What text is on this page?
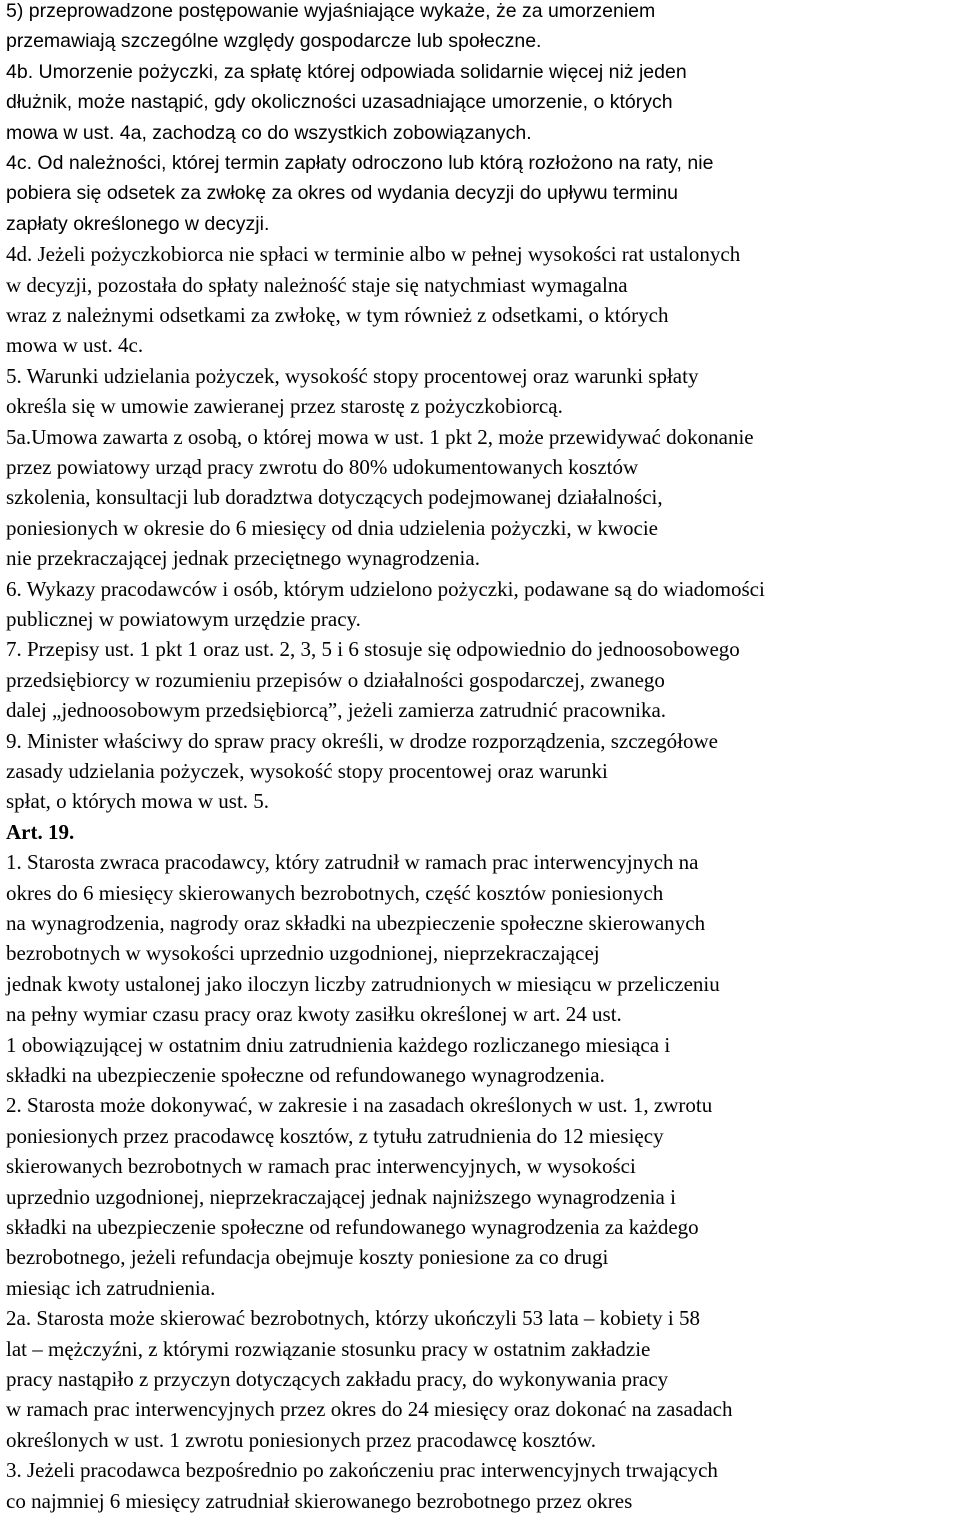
5) przeprowadzone postępowanie wyjaśniające wykaże, że za umorzeniem
przemawiają szczególne względy gospodarcze lub społeczne.
4b. Umorzenie pożyczki, za spłatę której odpowiada solidarnie więcej niż jeden
dłużnik, może nastąpić, gdy okoliczności uzasadniające umorzenie, o których
mowa w ust. 4a, zachodzą co do wszystkich zobowiązanych.
4c. Od należności, której termin zapłaty odroczono lub którą rozłożono na raty, nie
pobiera się odsetek za zwłokę za okres od wydania decyzji do upływu terminu
zapłaty określonego w decyzji.
4d. Jeżeli pożyczkobiorca nie spłaci w terminie albo w pełnej wysokości rat ustalonych
w decyzji, pozostała do spłaty należność staje się natychmiast wymagalna
wraz z należnymi odsetkami za zwłokę, w tym również z odsetkami, o których
mowa w ust. 4c.
5. Warunki udzielania pożyczek, wysokość stopy procentowej oraz warunki spłaty
określa się w umowie zawieranej przez starostę z pożyczkobiorcą.
5a.Umowa zawarta z osobą, o której mowa w ust. 1 pkt 2, może przewidywać dokonanie
przez powiatowy urząd pracy zwrotu do 80% udokumentowanych kosztów
szkolenia, konsultacji lub doradztwa dotyczących podejmowanej działalności,
poniesionych w okresie do 6 miesięcy od dnia udzielenia pożyczki, w kwocie
nie przekraczającej jednak przeciętnego wynagrodzenia.
6. Wykazy pracodawców i osób, którym udzielono pożyczki, podawane są do wiadomości
publicznej w powiatowym urzędzie pracy.
7. Przepisy ust. 1 pkt 1 oraz ust. 2, 3, 5 i 6 stosuje się odpowiednio do jednoosobowego
przedsiębiorcy w rozumieniu przepisów o działalności gospodarczej, zwanego
dalej „jednoosobowym przedsiębiorcą”, jeżeli zamierza zatrudnić pracownika.
9. Minister właściwy do spraw pracy określi, w drodze rozporządzenia, szczegółowe
zasady udzielania pożyczek, wysokość stopy procentowej oraz warunki
spłat, o których mowa w ust. 5.
Art. 19.
1. Starosta zwraca pracodawcy, który zatrudnił w ramach prac interwencyjnych na
okres do 6 miesięcy skierowanych bezrobotnych, część kosztów poniesionych
na wynagrodzenia, nagrody oraz składki na ubezpieczenie społeczne skierowanych
bezrobotnych w wysokości uprzednio uzgodnionej, nieprzekraczającej
jednak kwoty ustalonej jako iloczyn liczby zatrudnionych w miesiącu w przeliczeniu
na pełny wymiar czasu pracy oraz kwoty zasiłku określonej w art. 24 ust.
1 obowiązującej w ostatnim dniu zatrudnienia każdego rozliczanego miesiąca i
składki na ubezpieczenie społeczne od refundowanego wynagrodzenia.
2. Starosta może dokonywać, w zakresie i na zasadach określonych w ust. 1, zwrotu
poniesionych przez pracodawcę kosztów, z tytułu zatrudnienia do 12 miesięcy
skierowanych bezrobotnych w ramach prac interwencyjnych, w wysokości
uprzednio uzgodnionej, nieprzekraczającej jednak najniższego wynagrodzenia i
składki na ubezpieczenie społeczne od refundowanego wynagrodzenia za każdego
bezrobotnego, jeżeli refundacja obejmuje koszty poniesione za co drugi
miesiąc ich zatrudnienia.
2a. Starosta może skierować bezrobotnych, którzy ukończyli 53 lata – kobiety i 58
lat – mężczyźni, z którymi rozwiązanie stosunku pracy w ostatnim zakładzie
pracy nastąpiło z przyczyn dotyczących zakładu pracy, do wykonywania pracy
w ramach prac interwencyjnych przez okres do 24 miesięcy oraz dokonać na zasadach
określonych w ust. 1 zwrotu poniesionych przez pracodawcę kosztów.
3. Jeżeli pracodawca bezpośrednio po zakończeniu prac interwencyjnych trwających
co najmniej 6 miesięcy zatrudniał skierowanego bezrobotnego przez okres
